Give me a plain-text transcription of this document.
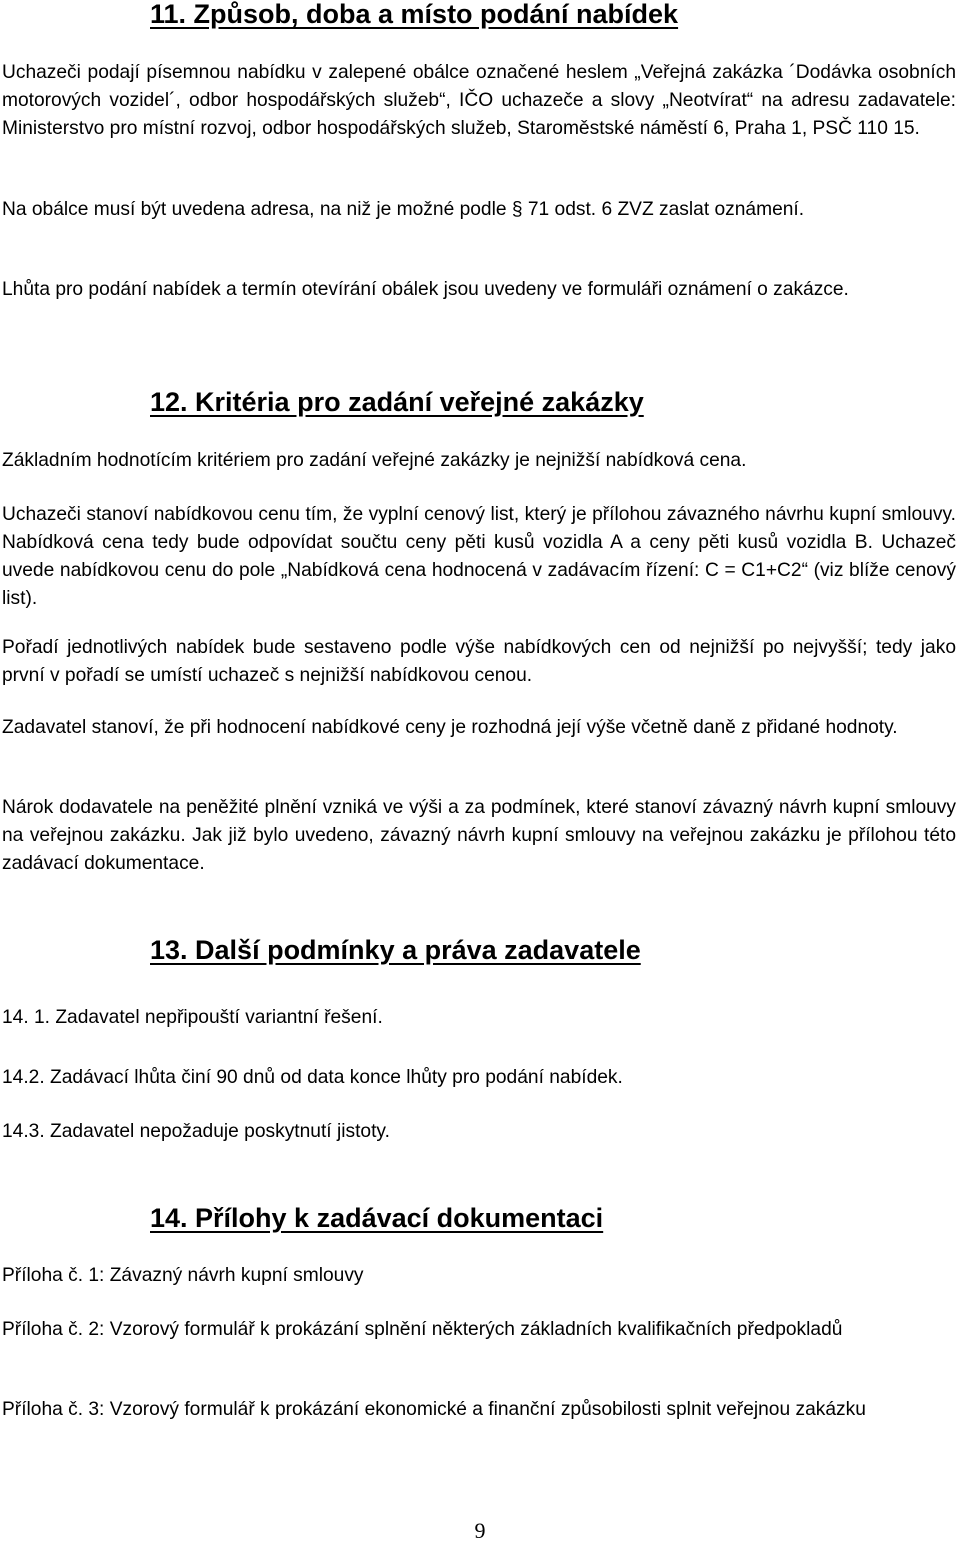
11. Způsob, doba a místo podání nabídek

Uchazeči podají písemnou nabídku v zalepené obálce označené heslem „Veřejná zakázka ´Dodávka osobních motorových vozidel´, odbor hospodářských služeb“, IČO uchazeče a slovy „Neotvírat“ na adresu zadavatele: Ministerstvo pro místní rozvoj, odbor hospodářských služeb, Staroměstské náměstí 6, Praha 1, PSČ 110 15.

Na obálce musí být uvedena adresa, na niž je možné podle § 71 odst. 6 ZVZ zaslat oznámení.

Lhůta pro podání nabídek a termín otevírání obálek jsou uvedeny ve formuláři oznámení o zakázce.

12. Kritéria pro zadání veřejné zakázky

Základním hodnotícím kritériem pro zadání veřejné zakázky je nejnižší nabídková cena.

Uchazeči stanoví nabídkovou cenu tím, že vyplní cenový list, který je přílohou závazného návrhu kupní smlouvy. Nabídková cena tedy bude odpovídat součtu ceny pěti kusů vozidla A a ceny pěti kusů vozidla B. Uchazeč uvede nabídkovou cenu do pole „Nabídková cena hodnocená v zadávacím řízení: C = C1+C2“ (viz blíže cenový list).

Pořadí jednotlivých nabídek bude sestaveno podle výše nabídkových cen od nejnižší po nejvyšší; tedy jako první v pořadí se umístí uchazeč s nejnižší nabídkovou cenou.

Zadavatel stanoví, že při hodnocení nabídkové ceny je rozhodná její výše včetně daně z přidané hodnoty.

Nárok dodavatele na peněžité plnění vzniká ve výši a za podmínek, které stanoví závazný návrh kupní smlouvy na veřejnou zakázku. Jak již bylo uvedeno, závazný návrh kupní smlouvy na veřejnou zakázku je přílohou této zadávací dokumentace.

13. Další podmínky a práva zadavatele

14. 1. Zadavatel nepřipouští variantní řešení.

14.2. Zadávací lhůta činí 90 dnů od data konce lhůty pro podání nabídek.

14.3. Zadavatel nepožaduje poskytnutí jistoty.

14. Přílohy k zadávací dokumentaci

Příloha č. 1: Závazný návrh kupní smlouvy

Příloha č. 2: Vzorový formulář k prokázání splnění některých základních kvalifikačních předpokladů

Příloha č. 3: Vzorový formulář k prokázání ekonomické a finanční způsobilosti splnit veřejnou zakázku

9
